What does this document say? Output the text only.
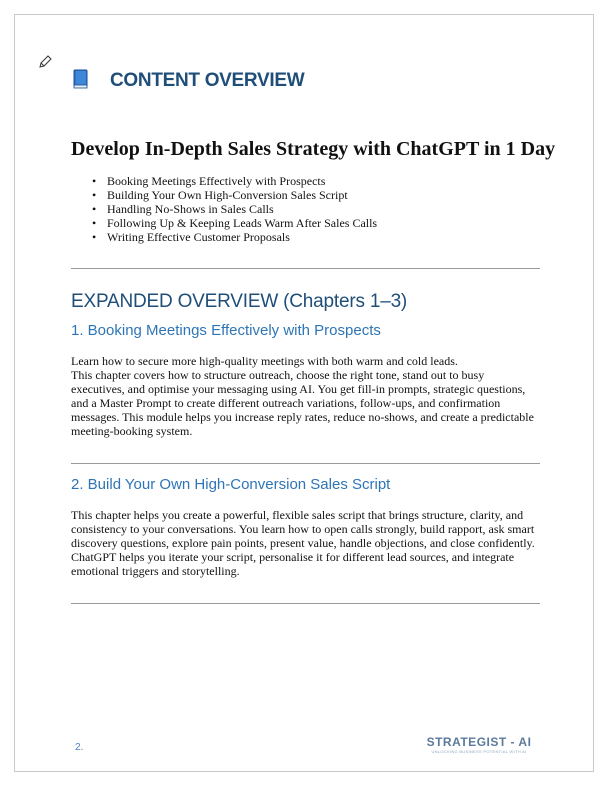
CONTENT OVERVIEW
Develop In-Depth Sales Strategy with ChatGPT in 1 Day
• Booking Meetings Effectively with Prospects
• Building Your Own High-Conversion Sales Script
• Handling No-Shows in Sales Calls
• Following Up & Keeping Leads Warm After Sales Calls
• Writing Effective Customer Proposals
EXPANDED OVERVIEW (Chapters 1–3)
1. Booking Meetings Effectively with Prospects

Learn how to secure more high-quality meetings with both warm and cold leads.
This chapter covers how to structure outreach, choose the right tone, stand out to busy
executives, and optimise your messaging using AI. You get fill-in prompts, strategic questions,
and a Master Prompt to create different outreach variations, follow-ups, and confirmation
messages. This module helps you increase reply rates, reduce no-shows, and create a predictable
meeting-booking system.

2. Build Your Own High-Conversion Sales Script

This chapter helps you create a powerful, flexible sales script that brings structure, clarity, and
consistency to your conversations. You learn how to open calls strongly, build rapport, ask smart
discovery questions, explore pain points, present value, handle objections, and close confidently.
ChatGPT helps you iterate your script, personalise it for different lead sources, and integrate
emotional triggers and storytelling.

2.	STRATEGIST - AI
UNLOCKING BUSINESS POTENTIAL WITH AI
